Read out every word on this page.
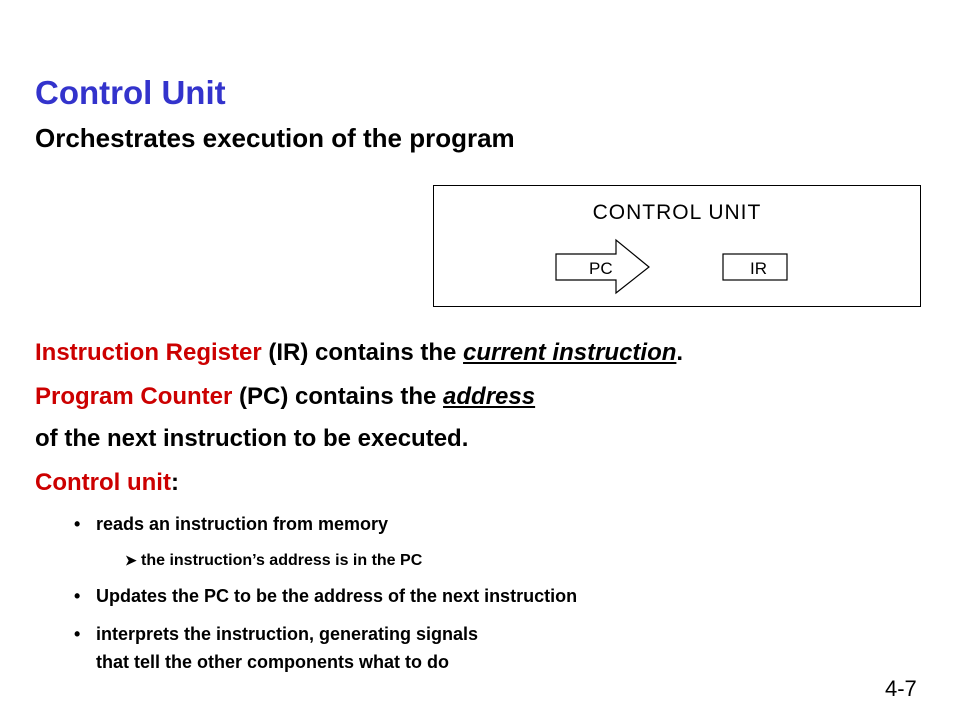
Control Unit
Orchestrates execution of the program
CONTROL UNIT
PC	IR
Instruction Register (IR) contains the current instruction.
Program Counter (PC) contains the address
of the next instruction to be executed.
Control unit:
• reads an instruction from memory
➤ the instruction’s address is in the PC
• Updates the PC to be the address of the next instruction
• interprets the instruction, generating signals
that tell the other components what to do
4-7
